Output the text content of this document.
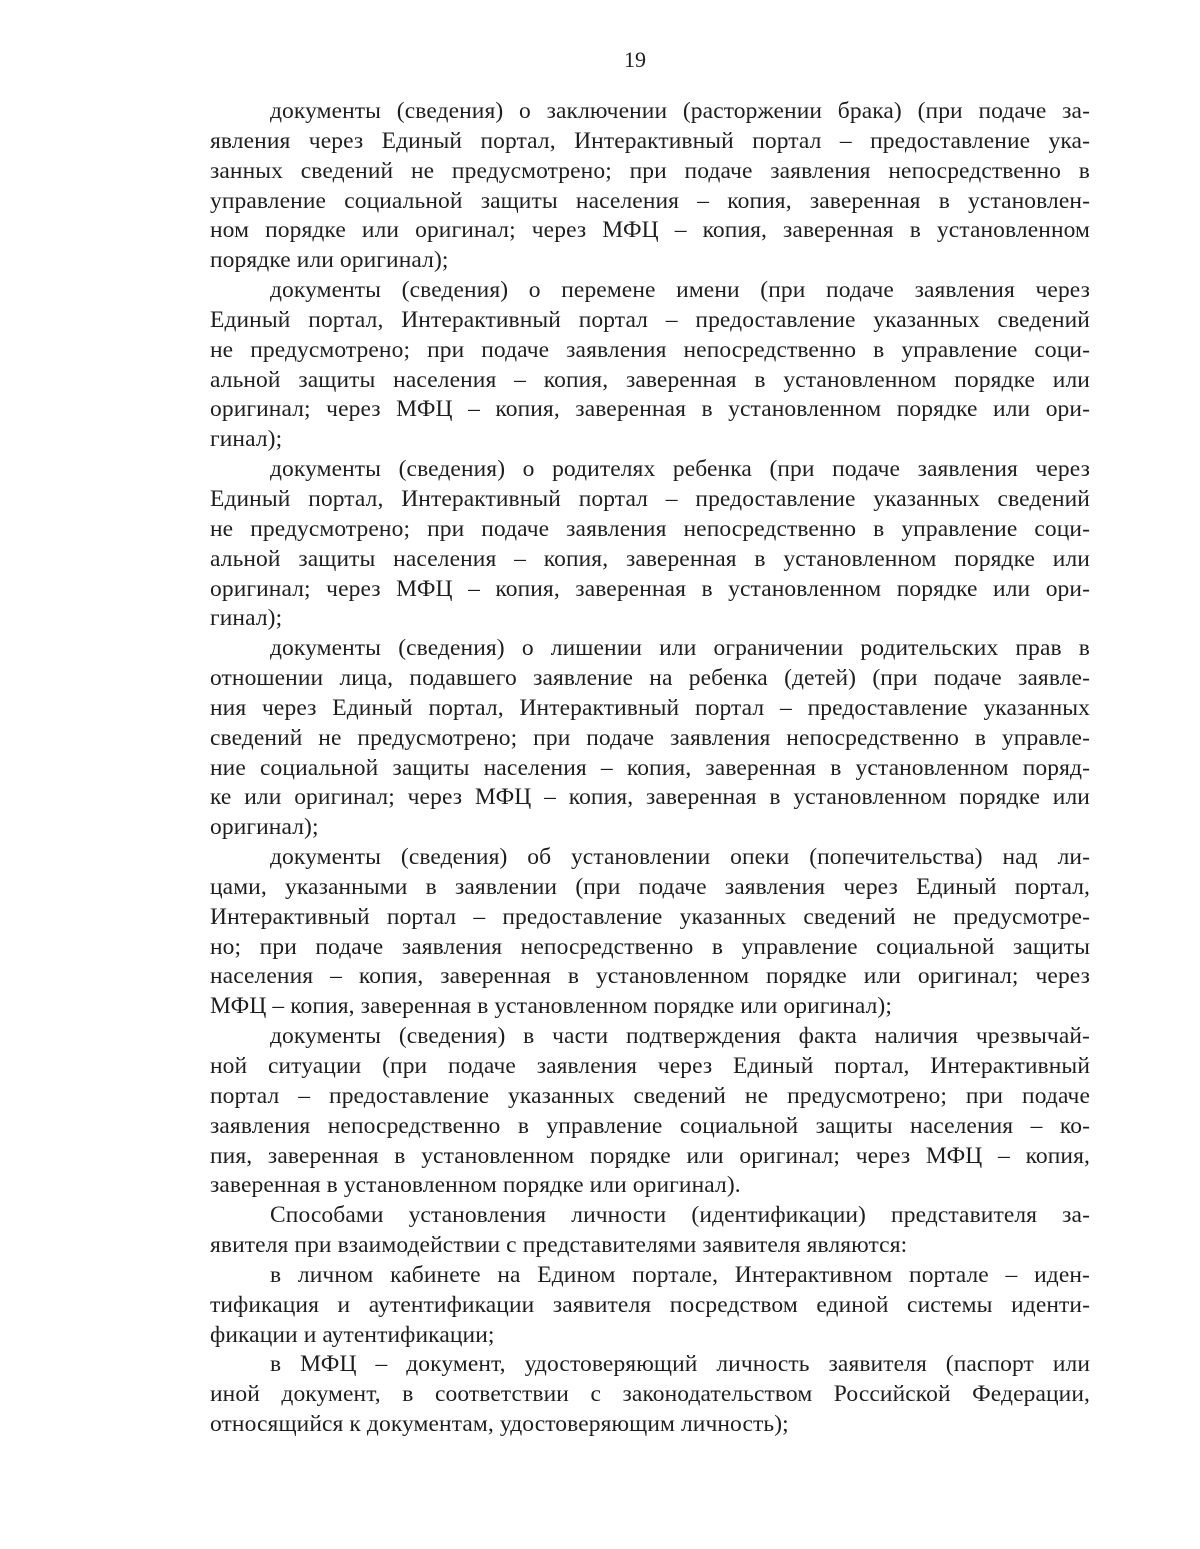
19
документы (сведения) о заключении (расторжении брака) (при подаче за-
явления через Единый портал, Интерактивный портал – предоставление ука-
занных сведений не предусмотрено; при подаче заявления непосредственно в
управление социальной защиты населения – копия, заверенная в установлен-
ном порядке или оригинал; через МФЦ – копия, заверенная в установленном
порядке или оригинал);
документы (сведения) о перемене имени (при подаче заявления через
Единый портал, Интерактивный портал – предоставление указанных сведений
не предусмотрено; при подаче заявления непосредственно в управление соци-
альной защиты населения – копия, заверенная в установленном порядке или
оригинал; через МФЦ – копия, заверенная в установленном порядке или ори-
гинал);
документы (сведения) о родителях ребенка (при подаче заявления через
Единый портал, Интерактивный портал – предоставление указанных сведений
не предусмотрено; при подаче заявления непосредственно в управление соци-
альной защиты населения – копия, заверенная в установленном порядке или
оригинал; через МФЦ – копия, заверенная в установленном порядке или ори-
гинал);
документы (сведения) о лишении или ограничении родительских прав в
отношении лица, подавшего заявление на ребенка (детей) (при подаче заявле-
ния через Единый портал, Интерактивный портал – предоставление указанных
сведений не предусмотрено; при подаче заявления непосредственно в управле-
ние социальной защиты населения – копия, заверенная в установленном поряд-
ке или оригинал; через МФЦ – копия, заверенная в установленном порядке или
оригинал);
документы (сведения) об установлении опеки (попечительства) над ли-
цами, указанными в заявлении (при подаче заявления через Единый портал,
Интерактивный портал – предоставление указанных сведений не предусмотре-
но; при подаче заявления непосредственно в управление социальной защиты
населения – копия, заверенная в установленном порядке или оригинал; через
МФЦ – копия, заверенная в установленном порядке или оригинал);
документы (сведения) в части подтверждения факта наличия чрезвычай-
ной ситуации (при подаче заявления через Единый портал, Интерактивный
портал – предоставление указанных сведений не предусмотрено; при подаче
заявления непосредственно в управление социальной защиты населения – ко-
пия, заверенная в установленном порядке или оригинал; через МФЦ – копия,
заверенная в установленном порядке или оригинал).
Способами установления личности (идентификации) представителя за-
явителя при взаимодействии с представителями заявителя являются:
в личном кабинете на Едином портале, Интерактивном портале – иден-
тификация и аутентификации заявителя посредством единой системы иденти-
фикации и аутентификации;
в МФЦ – документ, удостоверяющий личность заявителя (паспорт или
иной документ, в соответствии с законодательством Российской Федерации,
относящийся к документам, удостоверяющим личность);
